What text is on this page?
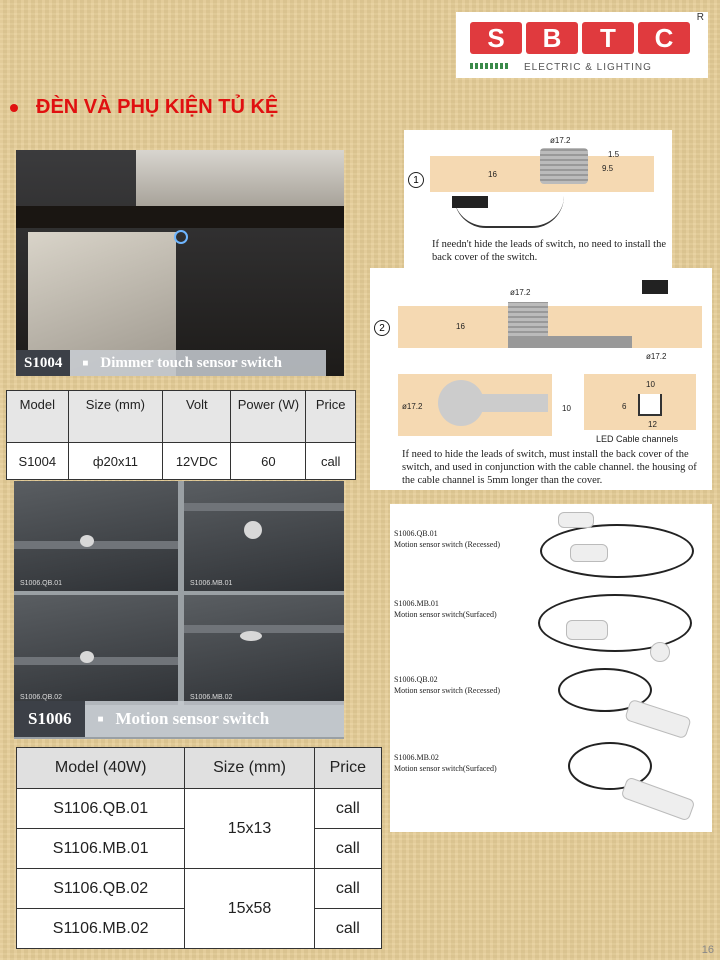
S	B	T	C
ELECTRIC & LIGHTING
R
ĐÈN VÀ PHỤ KIỆN TỦ KỆ
S1004	■ Dimmer touch sensor switch
Model	Size (mm)	Volt	Power (W)	Price
S1004	ф20x11	12VDC	60	call
S1006.QB.01	S1006.MB.01
S1006.QB.02	S1006.MB.02
S1006	■ Motion sensor switch
Model (40W)	Size (mm)	Price
S1106.QB.01	15x13	call
S1106.MB.01		call
S1106.QB.02	15x58	call
S1106.MB.02		call
1
ø17.2
16
1.5
9.5
If needn't hide the leads of switch, no need to install the back cover of the switch.
2
ø17.2
16
ø17.2
ø17.2	10
10
6
12
LED Cable channels
If need to hide the leads of switch, must install the back cover of the switch, and used in conjunction with the cable channel. the housing of the cable channel is 5mm longer than the cover.
S1006.QB.01
Motion sensor switch (Recessed)
S1006.MB.01
Motion sensor switch(Surfaced)
S1006.QB.02
Motion sensor switch (Recessed)
S1006.MB.02
Motion sensor switch(Surfaced)
16
